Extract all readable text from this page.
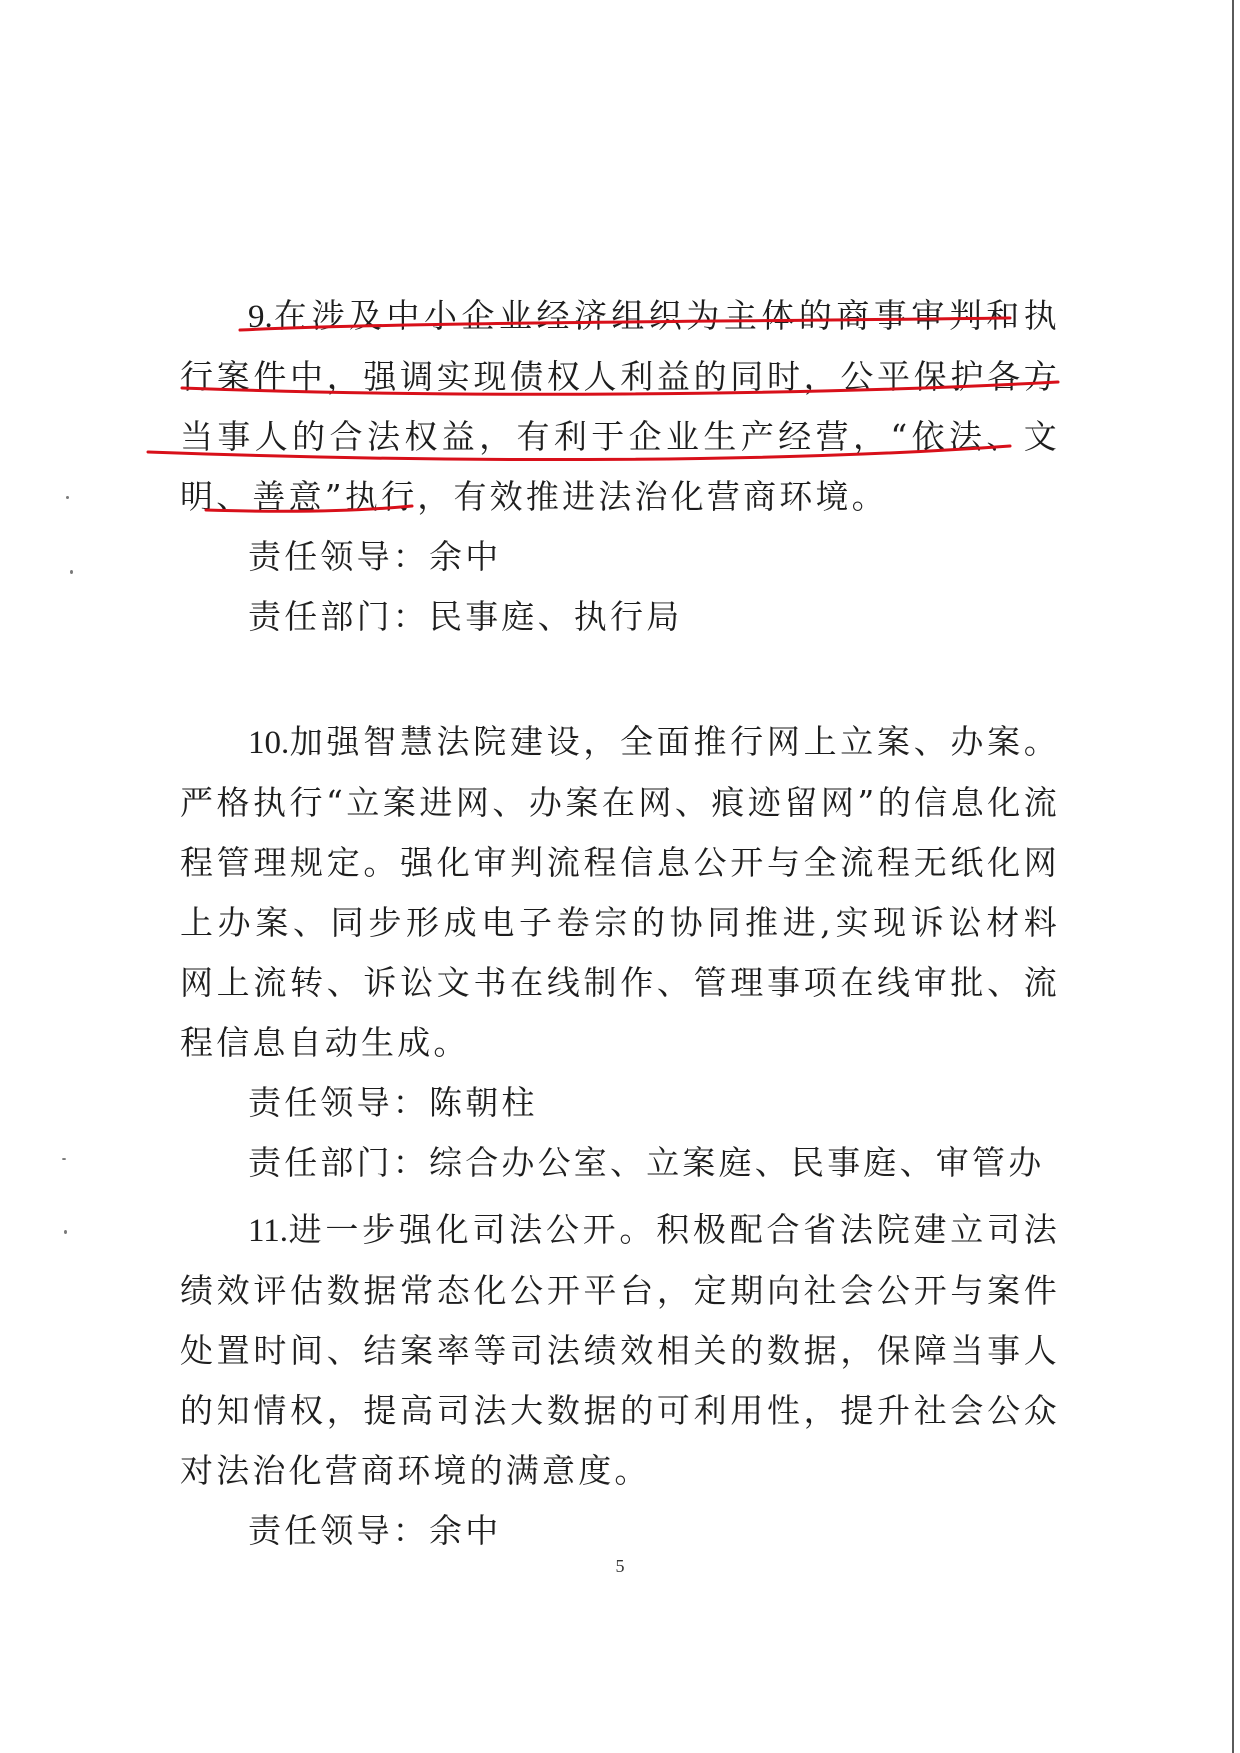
9.在涉及中小企业经济组织为主体的商事审判和执行案件中，强调实现债权人利益的同时，公平保护各方当事人的合法权益，有利于企业生产经营，“依法、文明、善意”执行，有效推进法治化营商环境。

责任领导：余中

责任部门：民事庭、执行局

10.加强智慧法院建设，全面推行网上立案、办案。严格执行“立案进网、办案在网、痕迹留网”的信息化流程管理规定。强化审判流程信息公开与全流程无纸化网上办案、同步形成电子卷宗的协同推进,实现诉讼材料网上流转、诉讼文书在线制作、管理事项在线审批、流程信息自动生成。

责任领导：陈朝柱

责任部门：综合办公室、立案庭、民事庭、审管办

11.进一步强化司法公开。积极配合省法院建立司法绩效评估数据常态化公开平台，定期向社会公开与案件处置时间、结案率等司法绩效相关的数据，保障当事人的知情权，提高司法大数据的可利用性，提升社会公众对法治化营商环境的满意度。

责任领导：余中

5
